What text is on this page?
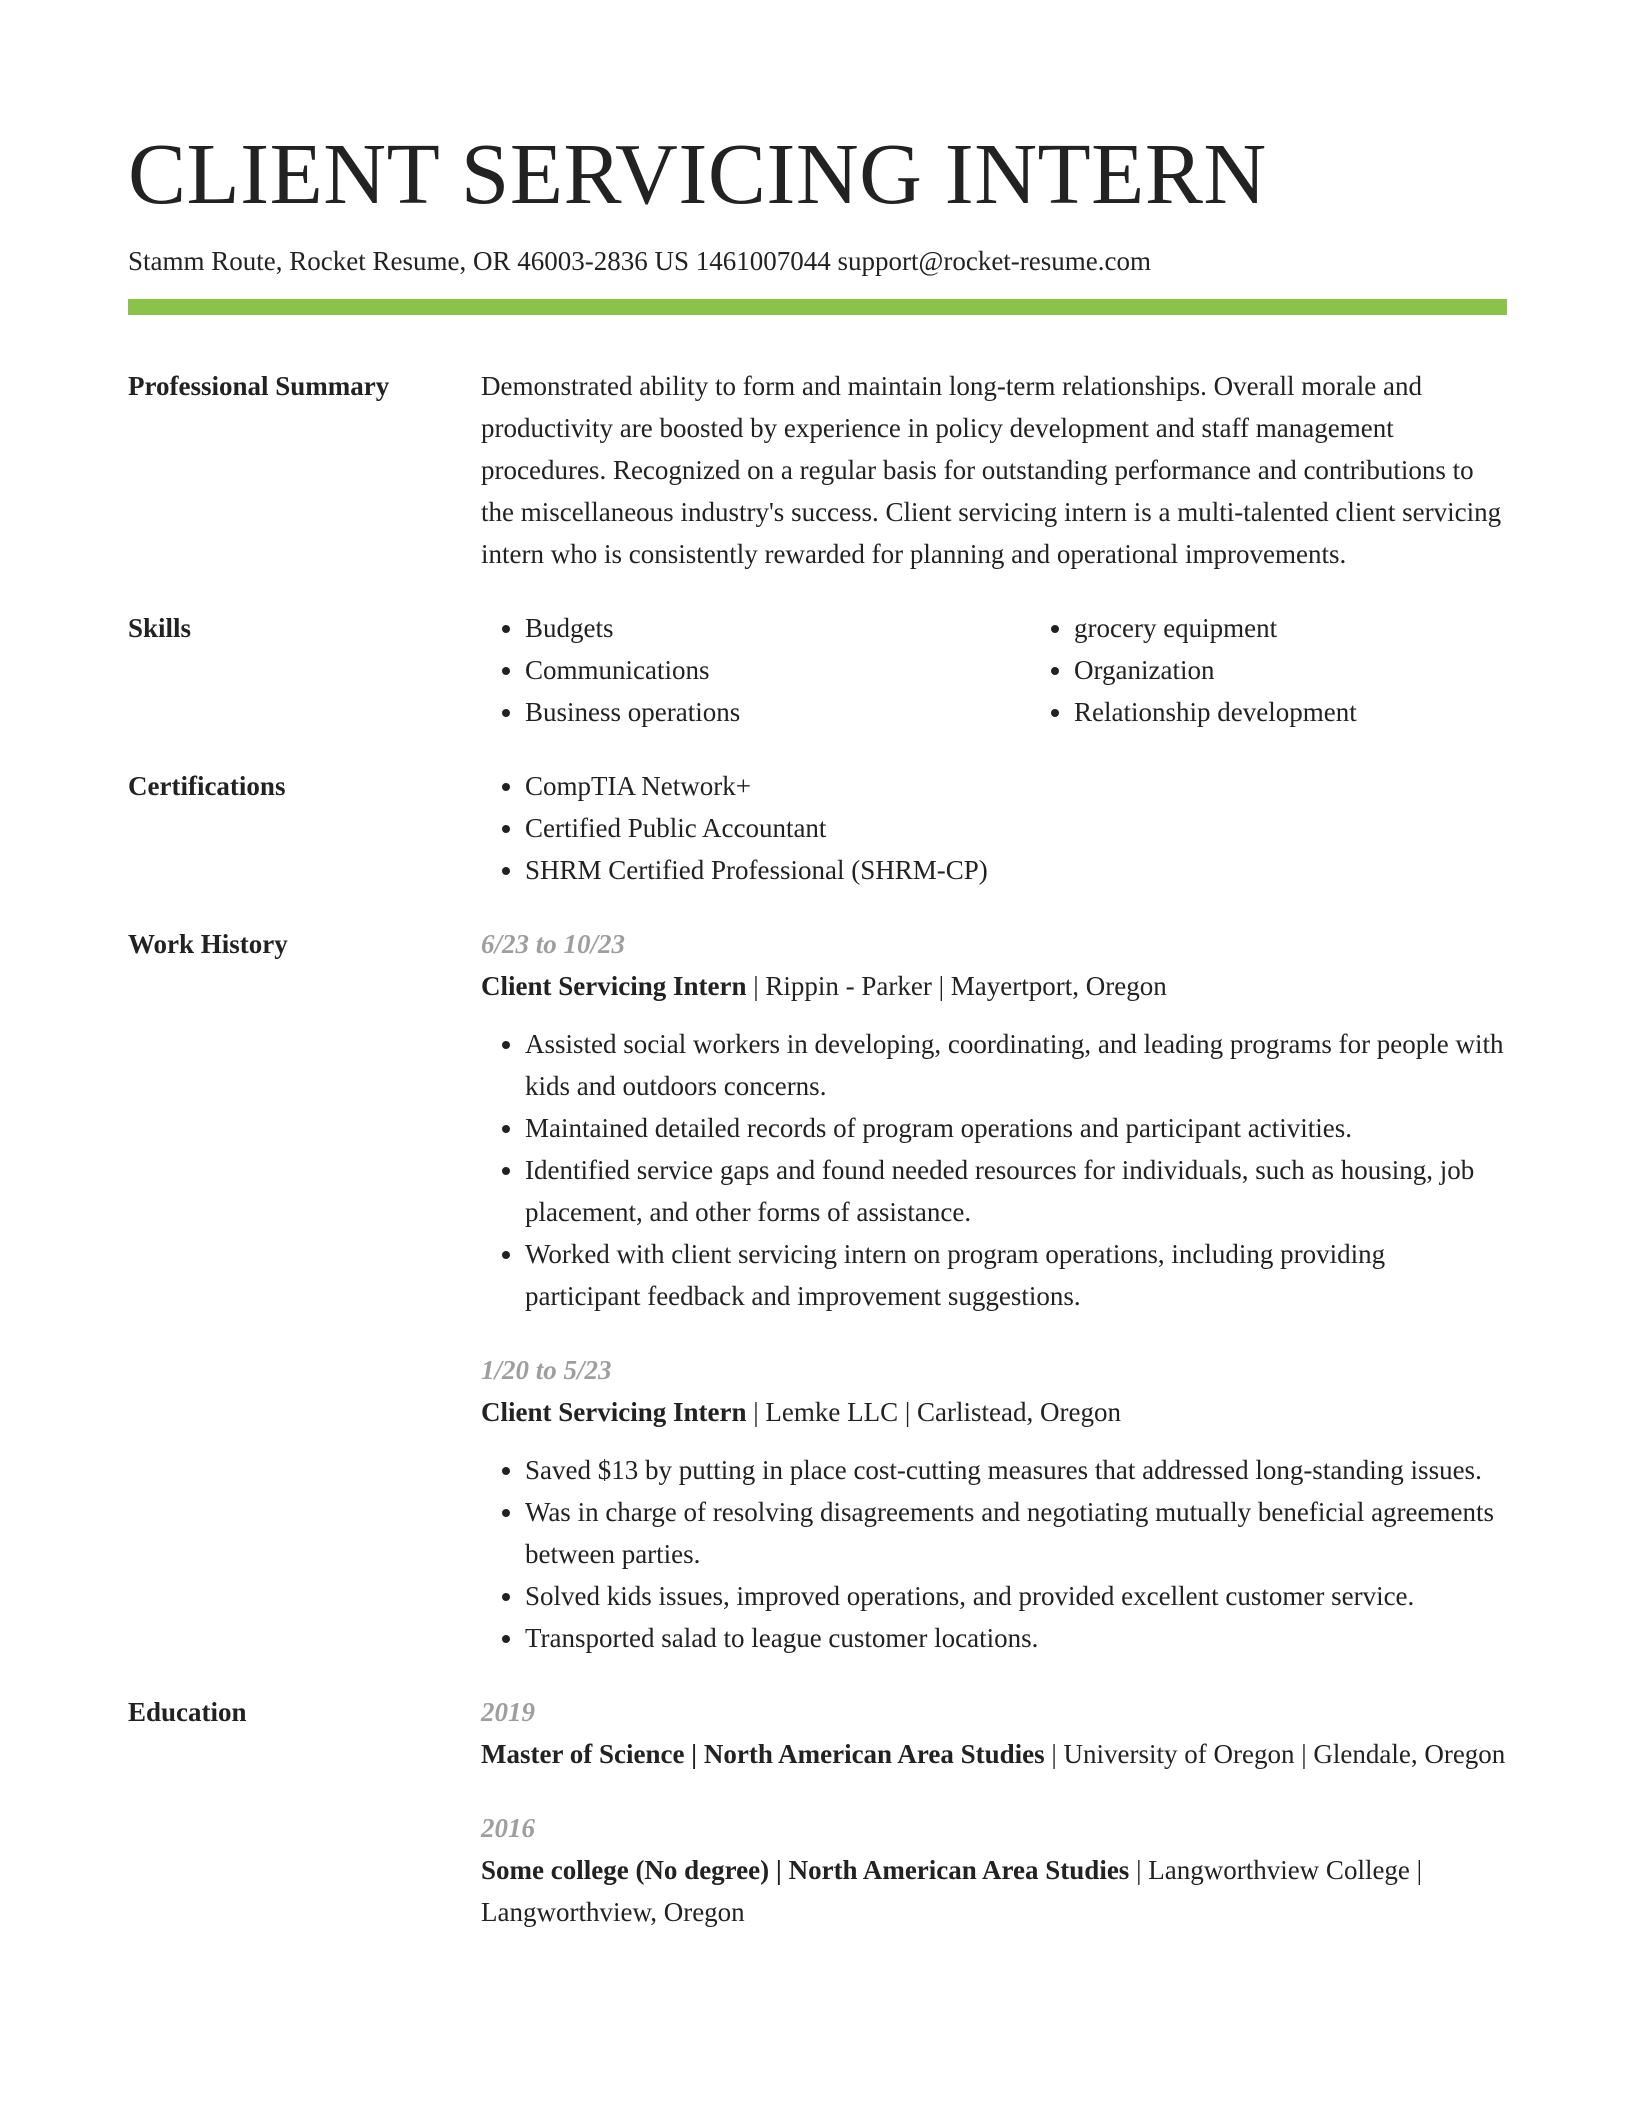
CLIENT SERVICING INTERN
Stamm Route, Rocket Resume, OR 46003-2836 US 1461007044 support@rocket-resume.com
Professional Summary	Demonstrated ability to form and maintain long-term relationships. Overall morale and productivity are boosted by experience in policy development and staff management procedures. Recognized on a regular basis for outstanding performance and contributions to the miscellaneous industry's success. Client servicing intern is a multi-talented client servicing intern who is consistently rewarded for planning and operational improvements.

Skills	• Budgets
• Communications
• Business operations
• grocery equipment
• Organization
• Relationship development
Certifications	• CompTIA Network+
• Certified Public Accountant
• SHRM Certified Professional (SHRM-CP)
Work History	6/23 to 10/23
Client Servicing Intern | Rippin - Parker | Mayertport, Oregon
• Assisted social workers in developing, coordinating, and leading programs for people with kids and outdoors concerns.
• Maintained detailed records of program operations and participant activities.
• Identified service gaps and found needed resources for individuals, such as housing, job placement, and other forms of assistance.
• Worked with client servicing intern on program operations, including providing participant feedback and improvement suggestions.
1/20 to 5/23
Client Servicing Intern | Lemke LLC | Carlistead, Oregon
• Saved $13 by putting in place cost-cutting measures that addressed long-standing issues.
• Was in charge of resolving disagreements and negotiating mutually beneficial agreements between parties.
• Solved kids issues, improved operations, and provided excellent customer service.
• Transported salad to league customer locations.
Education	2019
Master of Science | North American Area Studies | University of Oregon | Glendale, Oregon
2016
Some college (No degree) | North American Area Studies | Langworthview College | Langworthview, Oregon
